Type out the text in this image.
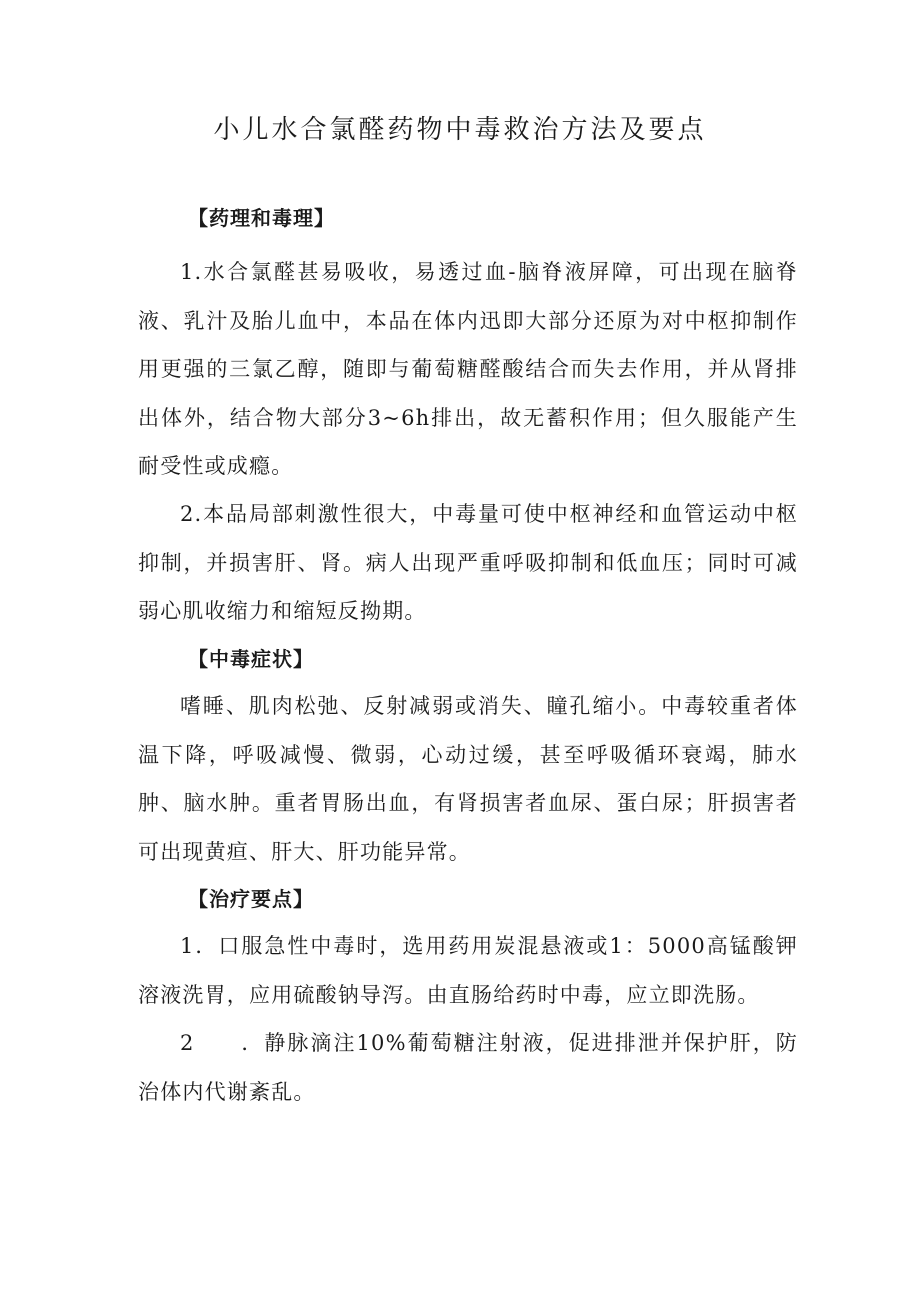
小儿水合氯醛药物中毒救治方法及要点
【药理和毒理】

1.水合氯醛甚易吸收，易透过血-脑脊液屏障，可出现在脑脊液、乳汁及胎儿血中，本品在体内迅即大部分还原为对中枢抑制作用更强的三氯乙醇，随即与葡萄糖醛酸结合而失去作用，并从肾排出体外，结合物大部分3~6h排出，故无蓄积作用；但久服能产生耐受性或成瘾。

2.本品局部刺激性很大，中毒量可使中枢神经和血管运动中枢抑制，并损害肝、肾。病人出现严重呼吸抑制和低血压；同时可减弱心肌收缩力和缩短反拗期。

【中毒症状】

嗜睡、肌肉松弛、反射减弱或消失、瞳孔缩小。中毒较重者体温下降，呼吸减慢、微弱，心动过缓，甚至呼吸循环衰竭，肺水肿、脑水肿。重者胃肠出血，有肾损害者血尿、蛋白尿；肝损害者可出现黄疸、肝大、肝功能异常。

【治疗要点】

1．口服急性中毒时，选用药用炭混悬液或1：5000高锰酸钾溶液洗胃，应用硫酸钠导泻。由直肠给药时中毒，应立即洗肠。

2　　．静脉滴注10%葡萄糖注射液，促进排泄并保护肝，防治体内代谢紊乱。
